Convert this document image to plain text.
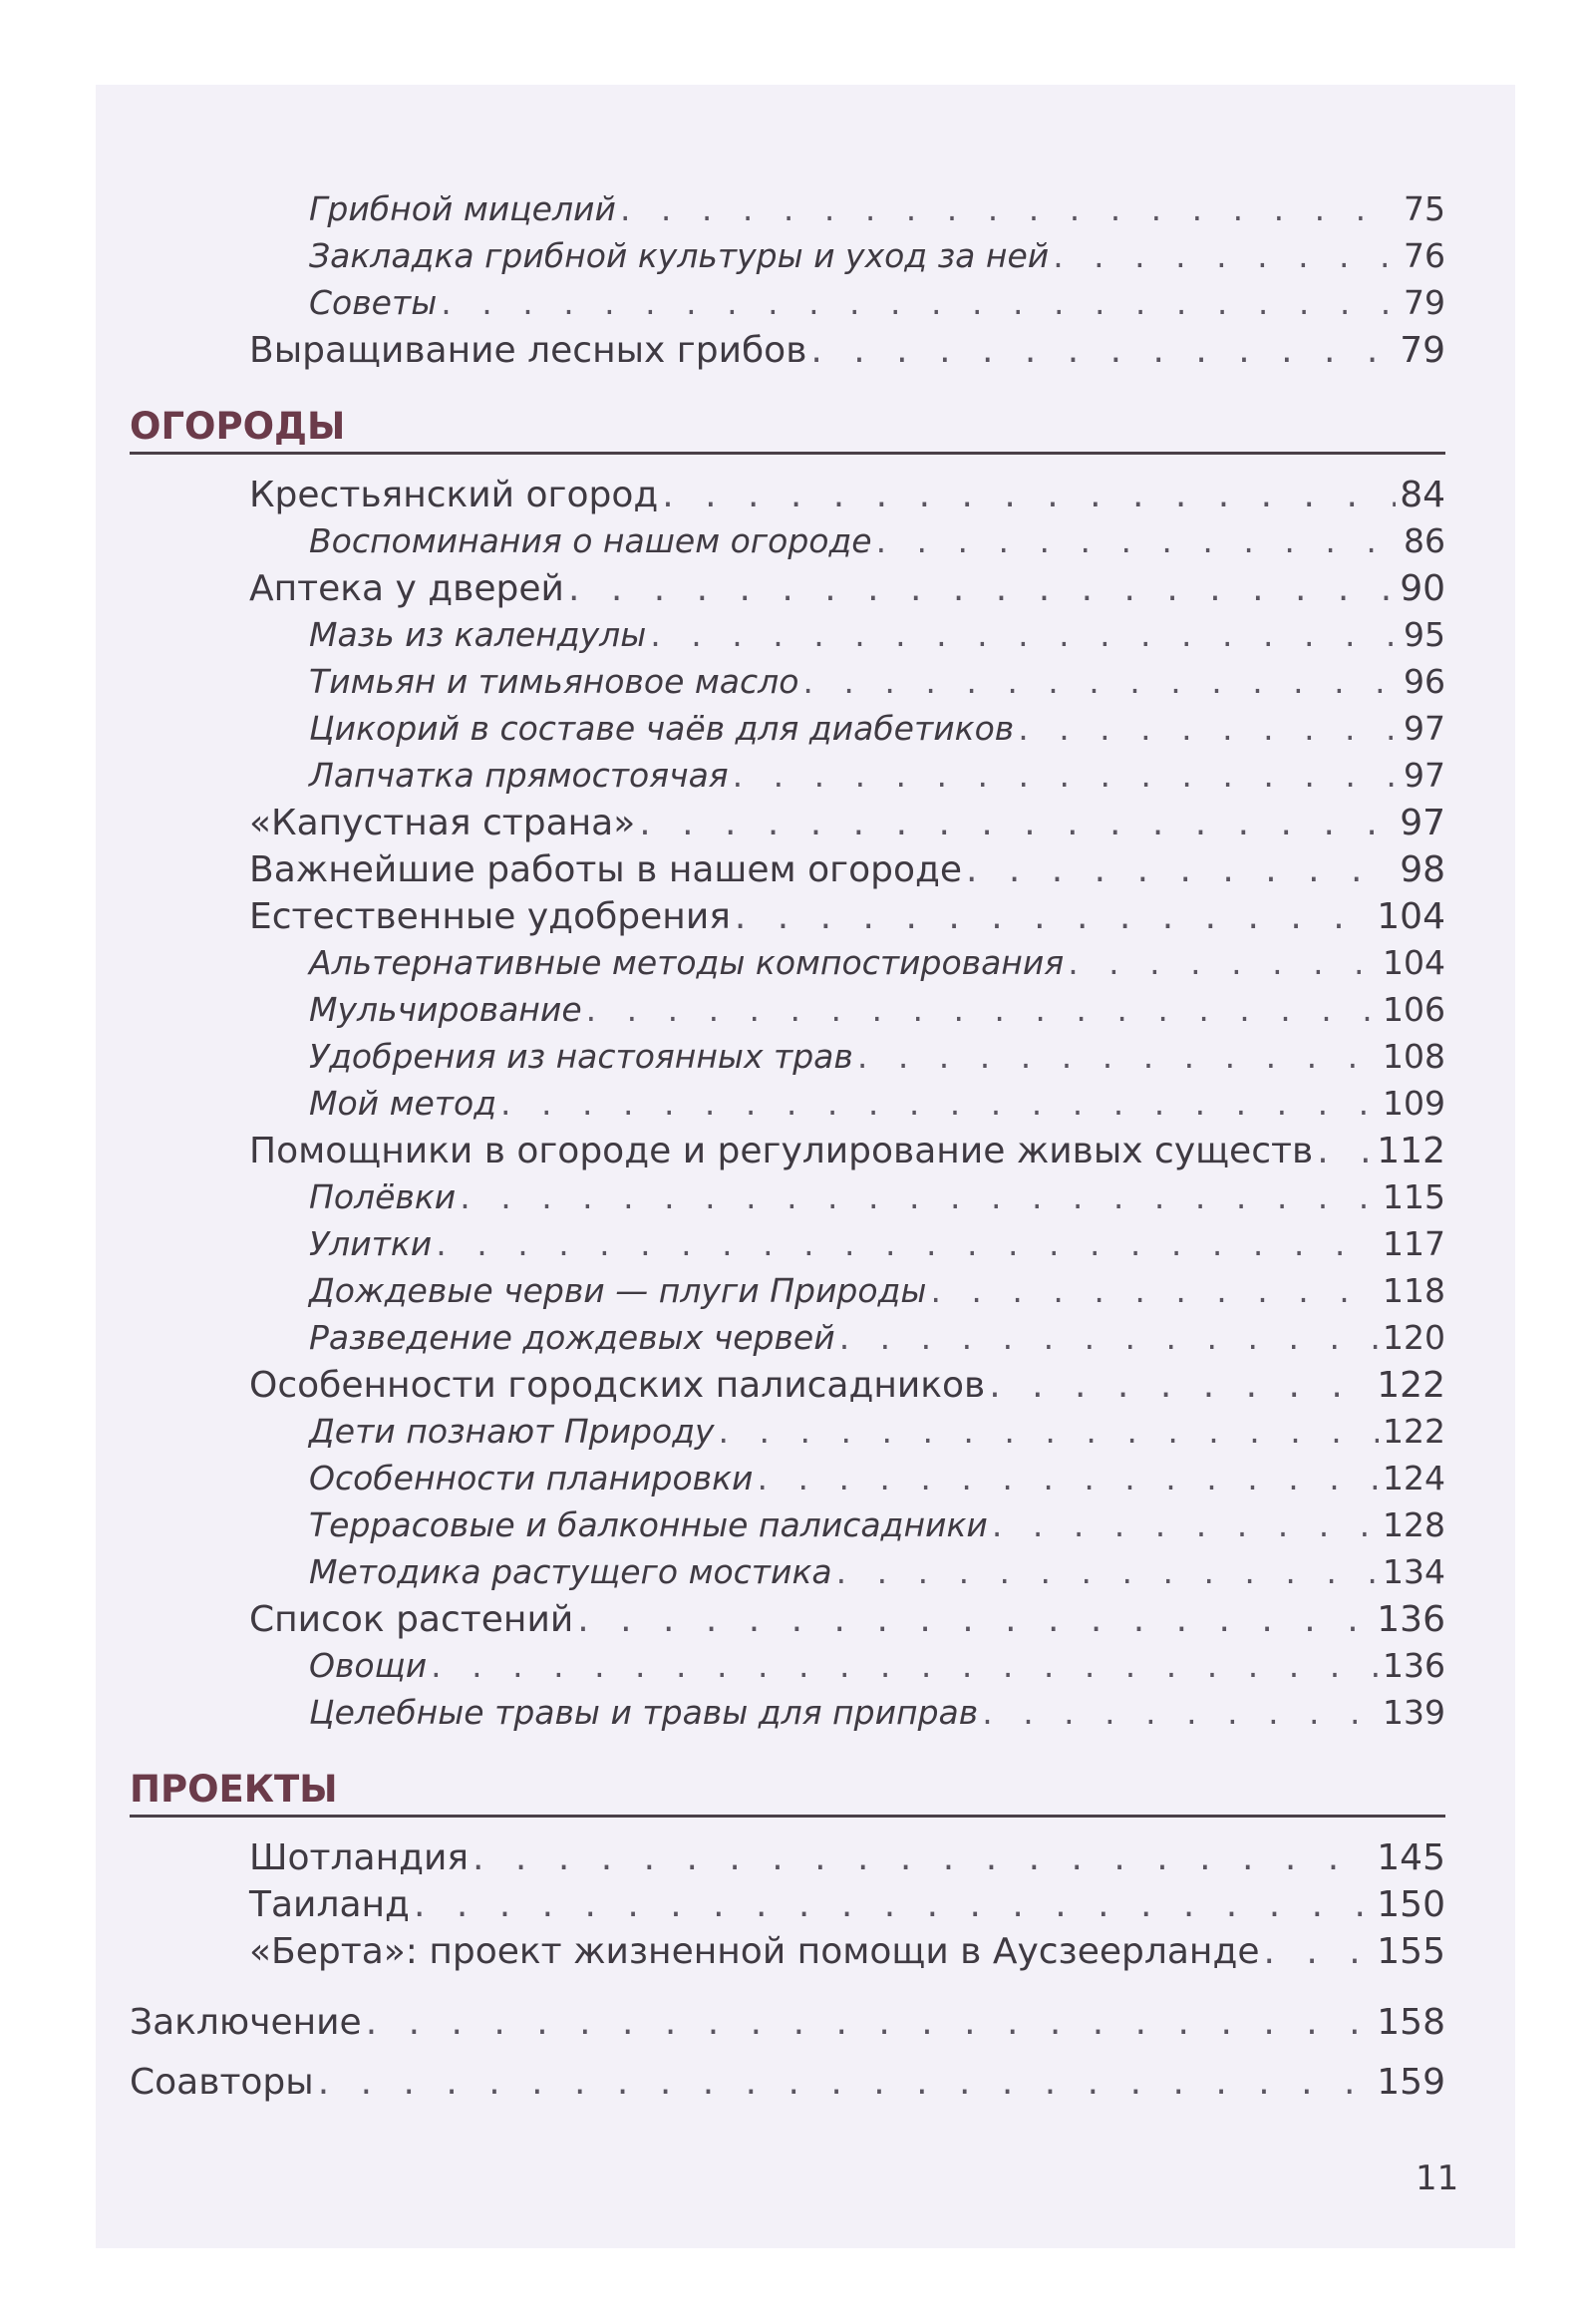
Грибной мицелий . . .	75
Закладка грибной культуры и уход за ней . . .	76
Советы . . .	79
Выращивание лесных грибов . . .	79
ОГОРОДЫ
Крестьянский огород . . .	84
Воспоминания о нашем огороде . . .	86
Аптека у дверей . . .	90
Мазь из календулы . . .	95
Тимьян и тимьяновое масло . . .	96
Цикорий в составе чаёв для диабетиков . . .	97
Лапчатка прямостоячая . . .	97
«Капустная страна» . . .	97
Важнейшие работы в нашем огороде . . .	98
Естественные удобрения . . .	104
Альтернативные методы компостирования . . .	104
Мульчирование . . .	106
Удобрения из настоянных трав . . .	108
Мой метод . . .	109
Помощники в огороде и регулирование живых существ . . . 112
Полёвки . . .	115
Улитки . . .	117
Дождевые черви — плуги Природы . . .	118
Разведение дождевых червей . . .	120
Особенности городских палисадников . . .	122
Дети познают Природу . . .	122
Особенности планировки . . .	124
Террасовые и балконные палисадники . . .	128
Методика растущего мостика . . .	134
Список растений . . .	136
Овощи . . .	136
Целебные травы и травы для приправ . . .	139
ПРОЕКТЫ
Шотландия . . .	145
Таиланд . . .	150
«Берта»: проект жизненной помощи в Аусзеерланде . . .	155
Заключение . . .	158
Соавторы . . .	159
11
